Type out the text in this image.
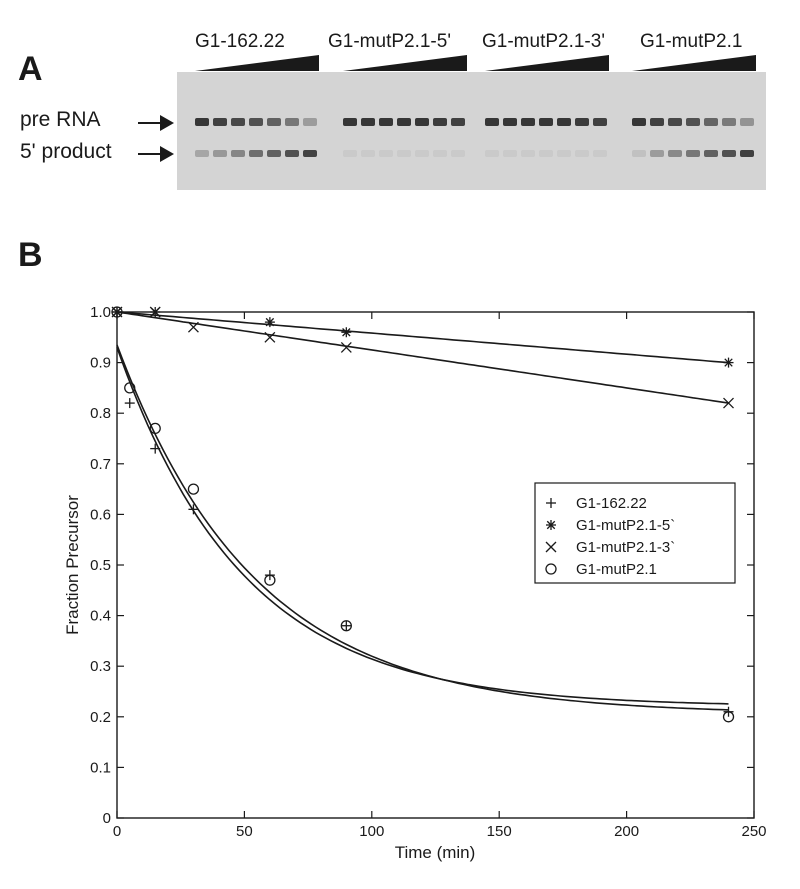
A
G1-162.22 G1-mutP2.1-5' G1-mutP2.1-3' G1-mutP2.1
pre RNA
5' product
B
0	50	100	150	200	250
0
0.1
0.2
0.3
0.4
0.5
0.6
0.7
0.8
0.9
1.0
Time (min)
Fraction Precursor	G1-162.22
G1-mutP2.1-5`
G1-mutP2.1-3`
G1-mutP2.1
